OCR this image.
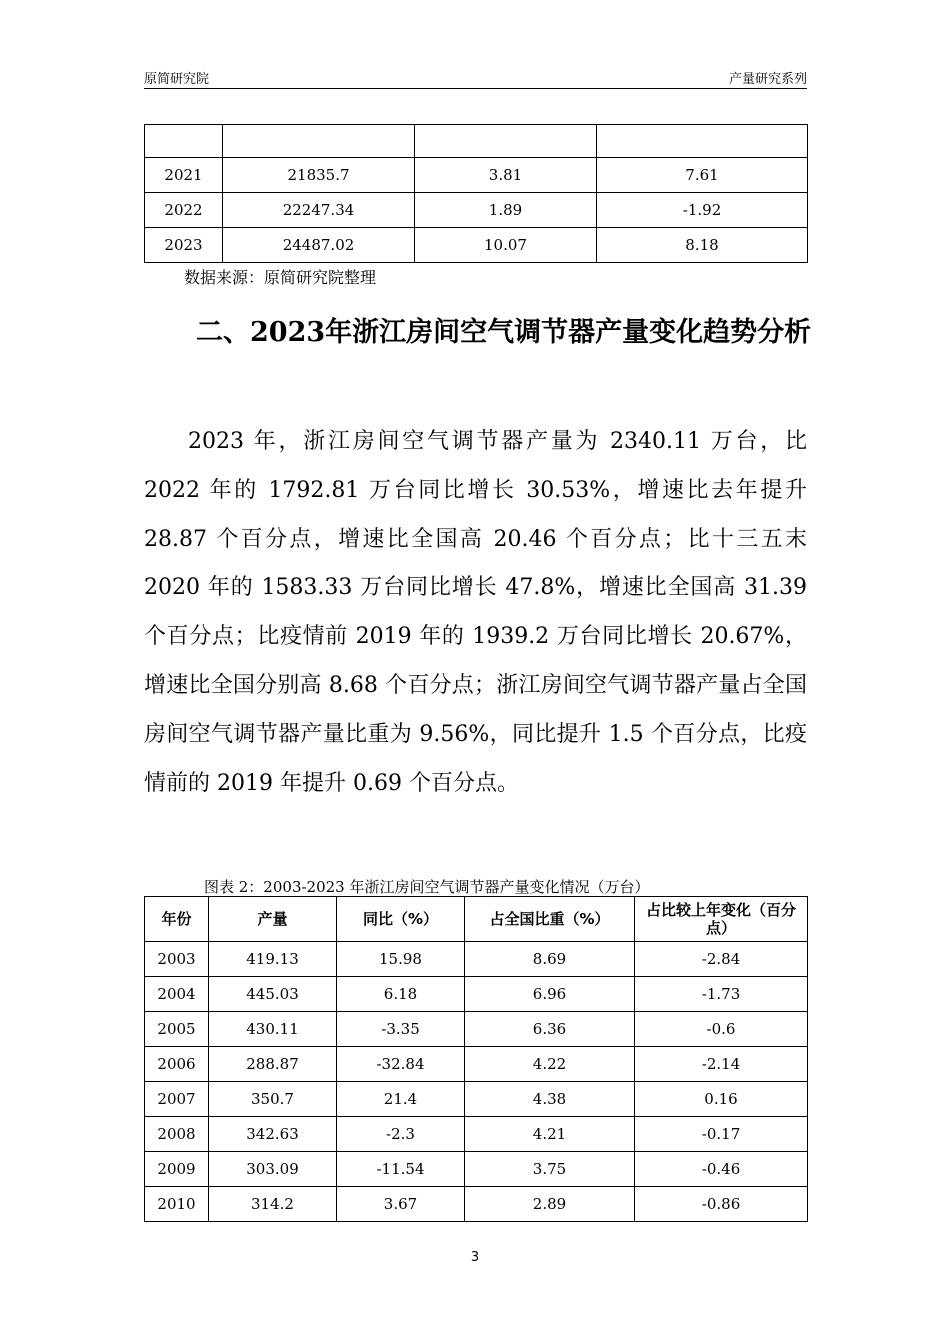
原简研究院	产量研究系列

2021	21835.7	3.81	7.61
2022	22247.34	1.89	-1.92
2023	24487.02	10.07	8.18
数据来源：原简研究院整理
二、2023年浙江房间空气调节器产量变化趋势分析

2023 年，浙江房间空气调节器产量为 2340.11 万台，比 2022 年的 1792.81 万台同比增长 30.53%，增速比去年提升 28.87 个百分点，增速比全国高 20.46 个百分点；比十三五末 2020 年的 1583.33 万台同比增长 47.8%，增速比全国高 31.39 个百分点；比疫情前 2019 年的 1939.2 万台同比增长 20.67%，增速比全国分别高 8.68 个百分点；浙江房间空气调节器产量占全国房间空气调节器产量比重为 9.56%，同比提升 1.5 个百分点，比疫情前的 2019 年提升 0.69 个百分点。

图表 2：2003-2023 年浙江房间空气调节器产量变化情况（万台）
年份	产量	同比（%）	占全国比重（%）	占比较上年变化（百分点）
2003	419.13	15.98	8.69	-2.84
2004	445.03	6.18	6.96	-1.73
2005	430.11	-3.35	6.36	-0.6
2006	288.87	-32.84	4.22	-2.14
2007	350.7	21.4	4.38	0.16
2008	342.63	-2.3	4.21	-0.17
2009	303.09	-11.54	3.75	-0.46
2010	314.2	3.67	2.89	-0.86
3
